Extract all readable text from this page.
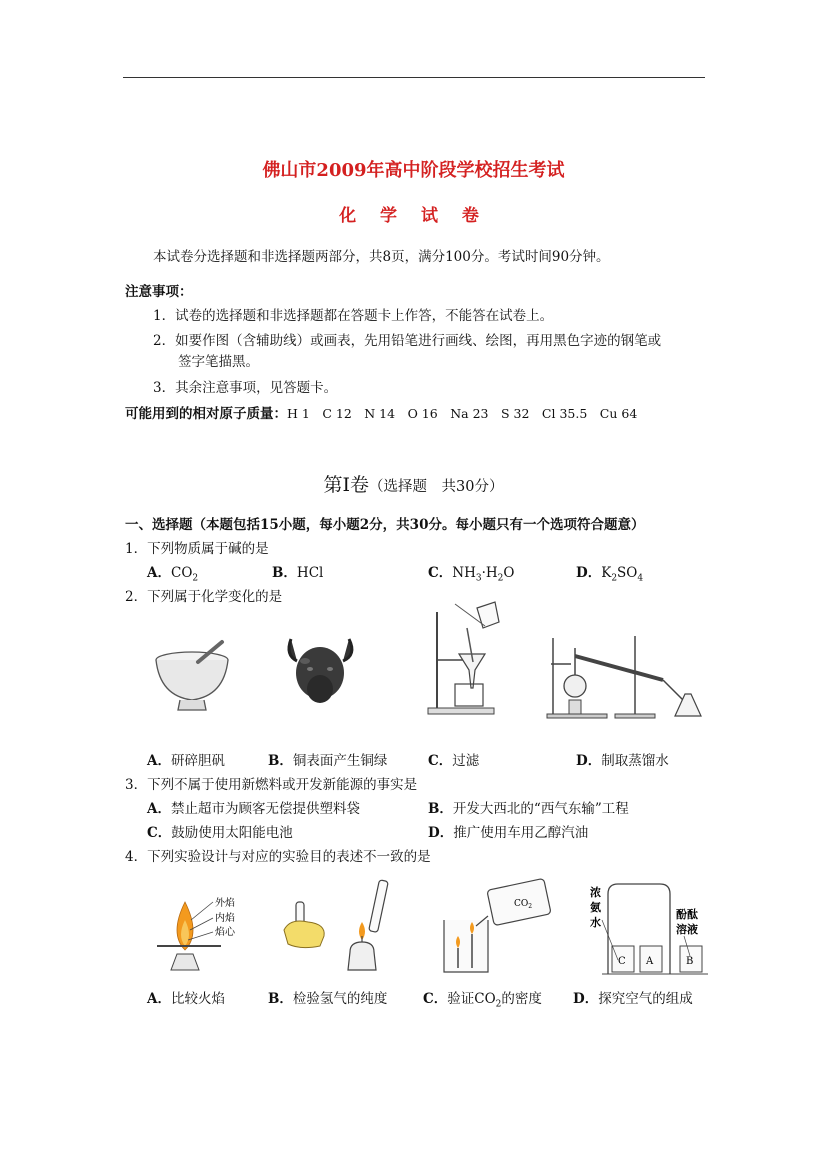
佛山市2009年高中阶段学校招生考试
化 学 试 卷
本试卷分选择题和非选择题两部分，共8页，满分100分。考试时间90分钟。
注意事项：
1．试卷的选择题和非选择题都在答题卡上作答，不能答在试卷上。
2．如要作图（含辅助线）或画表，先用铅笔进行画线、绘图，再用黑色字迹的钢笔或
签字笔描黑。
3．其余注意事项，见答题卡。
可能用到的相对原子质量：H 1　C 12　N 14　O 16　Na 23　S 32　Cl 35.5　Cu 64
第Ⅰ卷（选择题　共30分）
一、选择题（本题包括15小题，每小题2分，共30分。每小题只有一个选项符合题意）
1．下列物质属于碱的是
A．$CO_2$	B．HCl	C．$NH_3\cdot H_2O$	D．$K_2SO_4$
2．下列属于化学变化的是
A．研碎胆矾	B．铜表面产生铜绿	C．过滤	D．制取蒸馏水
3．下列不属于使用新燃料或开发新能源的事实是
A．禁止超市为顾客无偿提供塑料袋	B．开发大西北的“西气东输”工程
C．鼓励使用太阳能电池	D．推广使用车用乙醇汽油
4．下列实验设计与对应的实验目的表述不一致的是
外焰
内焰
焰心
$CO_2$
C A	B
浓
氨
水
酚酞
溶液
A．比较火焰	B．检验氢气的纯度	C．验证$CO_2$的密度 D．探究空气的组成
